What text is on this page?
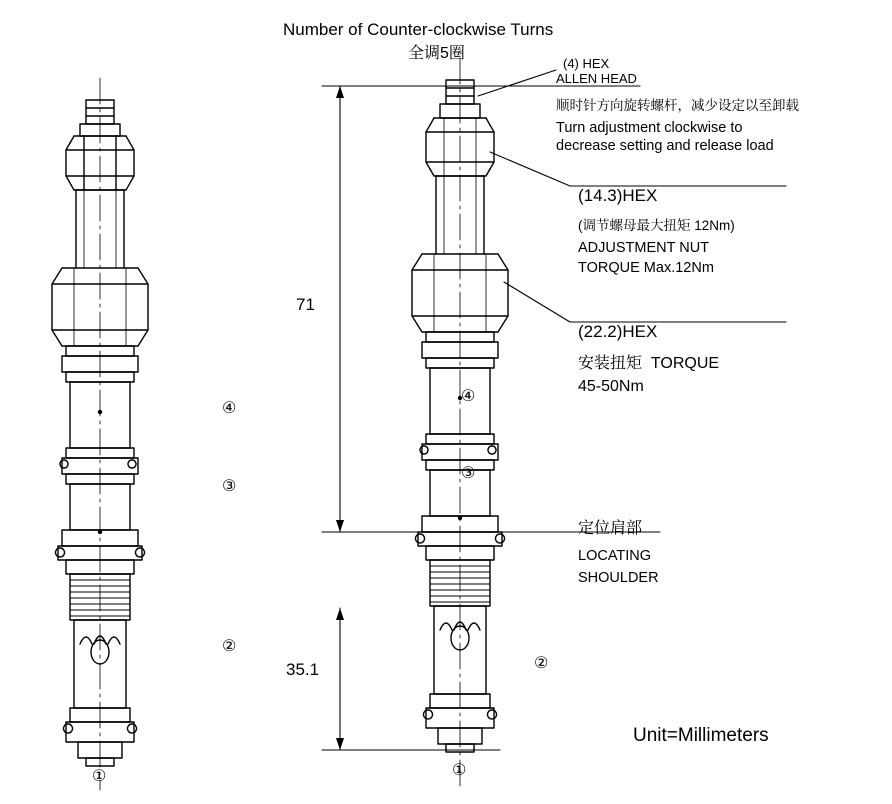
Number of Counter-clockwise Turns
全调5圈
(4) HEX
ALLEN HEAD
顺时针方向旋转螺杆，减少设定以至卸载
Turn adjustment clockwise to
decrease setting and release load
(14.3)HEX
(调节螺母最大扭矩 12Nm)
ADJUSTMENT NUT
TORQUE Max.12Nm
(22.2)HEX
安装扭矩  TORQUE
45-50Nm
定位肩部
LOCATING
SHOULDER
71
35.1
Unit=Millimeters
④
③
②
①
④
③
②
①
